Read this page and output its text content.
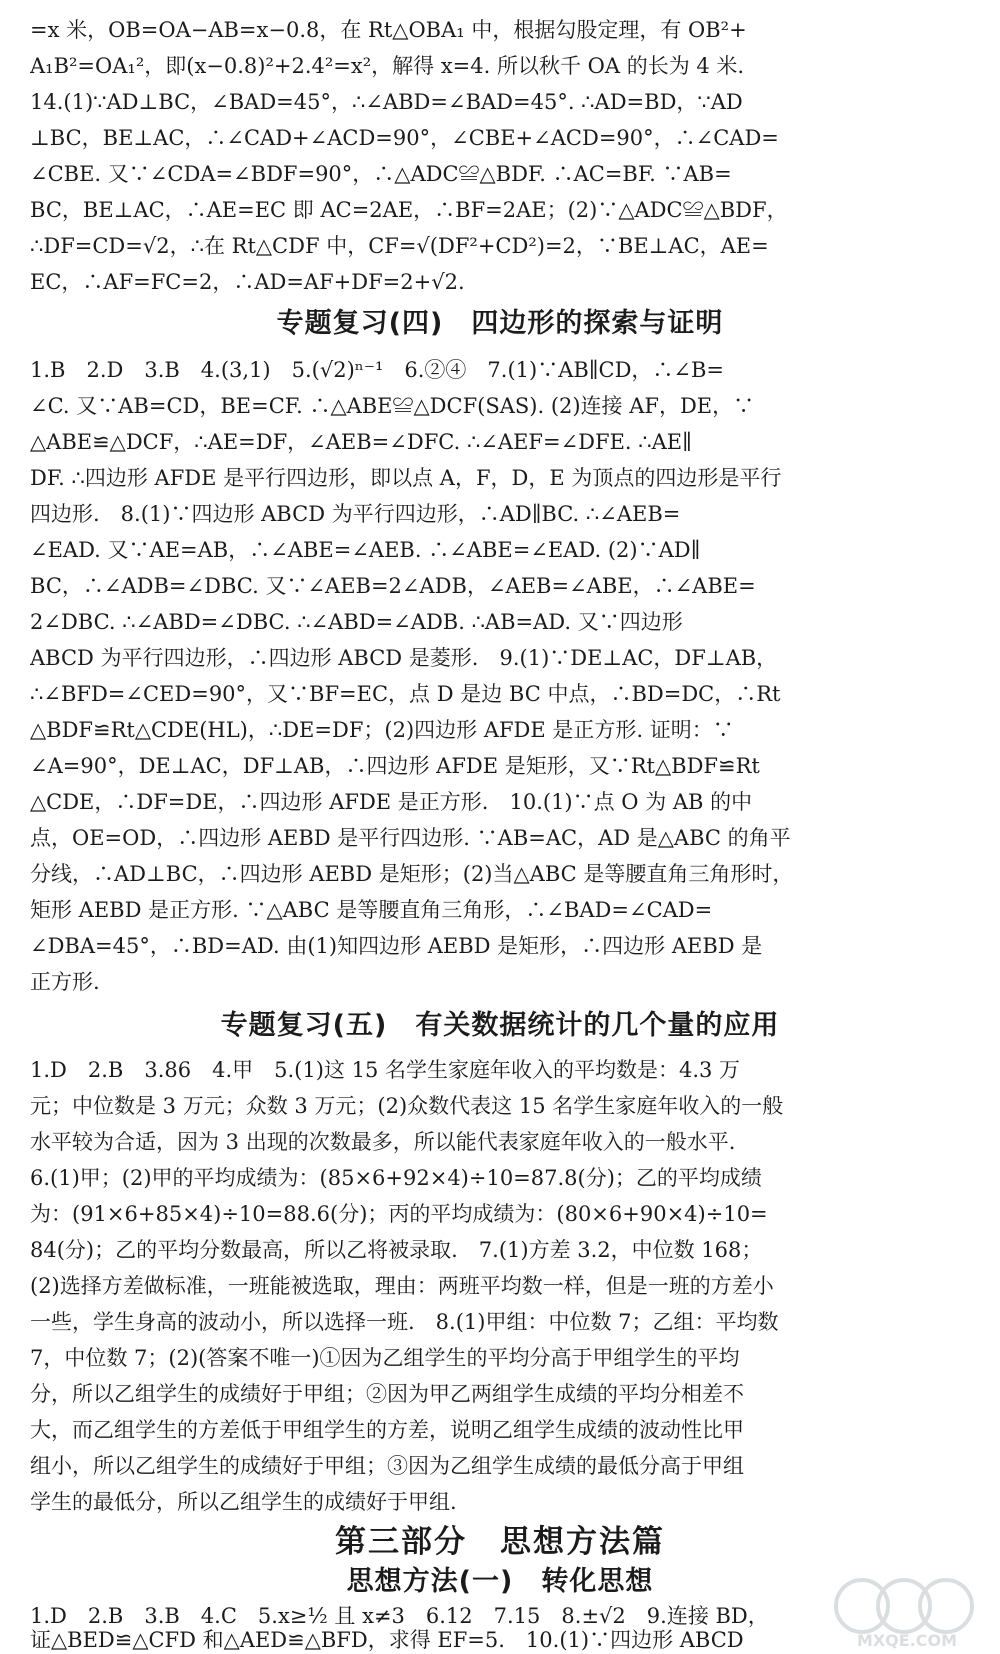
=x 米，OB=OA−AB=x−0.8，在 Rt△OBA₁ 中，根据勾股定理，有 OB²+
A₁B²=OA₁²，即(x−0.8)²+2.4²=x²，解得 x=4. 所以秋千 OA 的长为 4 米.
14.(1)∵AD⊥BC，∠BAD=45°，∴∠ABD=∠BAD=45°. ∴AD=BD，∵AD
⊥BC，BE⊥AC，∴∠CAD+∠ACD=90°，∠CBE+∠ACD=90°，∴∠CAD=
∠CBE. 又∵∠CDA=∠BDF=90°，∴△ADC≌△BDF. ∴AC=BF. ∵AB=
BC，BE⊥AC，∴AE=EC 即 AC=2AE，∴BF=2AE；(2)∵△ADC≌△BDF，
∴DF=CD=√2，∴在 Rt△CDF 中，CF=√(DF²+CD²)=2，∵BE⊥AC，AE=
EC，∴AF=FC=2，∴AD=AF+DF=2+√2.
专题复习(四)　四边形的探索与证明
1.B　2.D　3.B　4.(3,1)　5.(√2)ⁿ⁻¹　6.②④　7.(1)∵AB∥CD，∴∠B=
∠C. 又∵AB=CD，BE=CF. ∴△ABE≌△DCF(SAS). (2)连接 AF，DE，∵
△ABE≌△DCF，∴AE=DF，∠AEB=∠DFC. ∴∠AEF=∠DFE. ∴AE∥
DF. ∴四边形 AFDE 是平行四边形，即以点 A，F，D，E 为顶点的四边形是平行
四边形.　8.(1)∵四边形 ABCD 为平行四边形，∴AD∥BC. ∴∠AEB=
∠EAD. 又∵AE=AB，∴∠ABE=∠AEB. ∴∠ABE=∠EAD. (2)∵AD∥
BC，∴∠ADB=∠DBC. 又∵∠AEB=2∠ADB，∠AEB=∠ABE，∴∠ABE=
2∠DBC. ∴∠ABD=∠DBC. ∴∠ABD=∠ADB. ∴AB=AD. 又∵四边形
ABCD 为平行四边形，∴四边形 ABCD 是菱形.　9.(1)∵DE⊥AC，DF⊥AB，
∴∠BFD=∠CED=90°，又∵BF=EC，点 D 是边 BC 中点，∴BD=DC，∴Rt
△BDF≌Rt△CDE(HL)，∴DE=DF；(2)四边形 AFDE 是正方形. 证明：∵
∠A=90°，DE⊥AC，DF⊥AB，∴四边形 AFDE 是矩形，又∵Rt△BDF≌Rt
△CDE，∴DF=DE，∴四边形 AFDE 是正方形.　10.(1)∵点 O 为 AB 的中
点，OE=OD，∴四边形 AEBD 是平行四边形. ∵AB=AC，AD 是△ABC 的角平
分线，∴AD⊥BC，∴四边形 AEBD 是矩形；(2)当△ABC 是等腰直角三角形时，
矩形 AEBD 是正方形. ∵△ABC 是等腰直角三角形，∴∠BAD=∠CAD=
∠DBA=45°，∴BD=AD. 由(1)知四边形 AEBD 是矩形，∴四边形 AEBD 是
正方形.
专题复习(五)　有关数据统计的几个量的应用
1.D　2.B　3.86　4.甲　5.(1)这 15 名学生家庭年收入的平均数是：4.3 万
元；中位数是 3 万元；众数 3 万元；(2)众数代表这 15 名学生家庭年收入的一般
水平较为合适，因为 3 出现的次数最多，所以能代表家庭年收入的一般水平.
6.(1)甲；(2)甲的平均成绩为：(85×6+92×4)÷10=87.8(分)；乙的平均成绩
为：(91×6+85×4)÷10=88.6(分)；丙的平均成绩为：(80×6+90×4)÷10=
84(分)；乙的平均分数最高，所以乙将被录取.　7.(1)方差 3.2，中位数 168；
(2)选择方差做标准，一班能被选取，理由：两班平均数一样，但是一班的方差小
一些，学生身高的波动小，所以选择一班.　8.(1)甲组：中位数 7；乙组：平均数
7，中位数 7；(2)(答案不唯一)①因为乙组学生的平均分高于甲组学生的平均
分，所以乙组学生的成绩好于甲组；②因为甲乙两组学生成绩的平均分相差不
大，而乙组学生的方差低于甲组学生的方差，说明乙组学生成绩的波动性比甲
组小，所以乙组学生的成绩好于甲组；③因为乙组学生成绩的最低分高于甲组
学生的最低分，所以乙组学生的成绩好于甲组.
第三部分　思想方法篇
思想方法(一)　转化思想
1.D　2.B　3.B　4.C　5.x≥½ 且 x≠3　6.12　7.15　8.±√2　9.连接 BD，
证△BED≌△CFD 和△AED≌△BFD，求得 EF=5.　10.(1)∵四边形 ABCD	MXQE.COM
